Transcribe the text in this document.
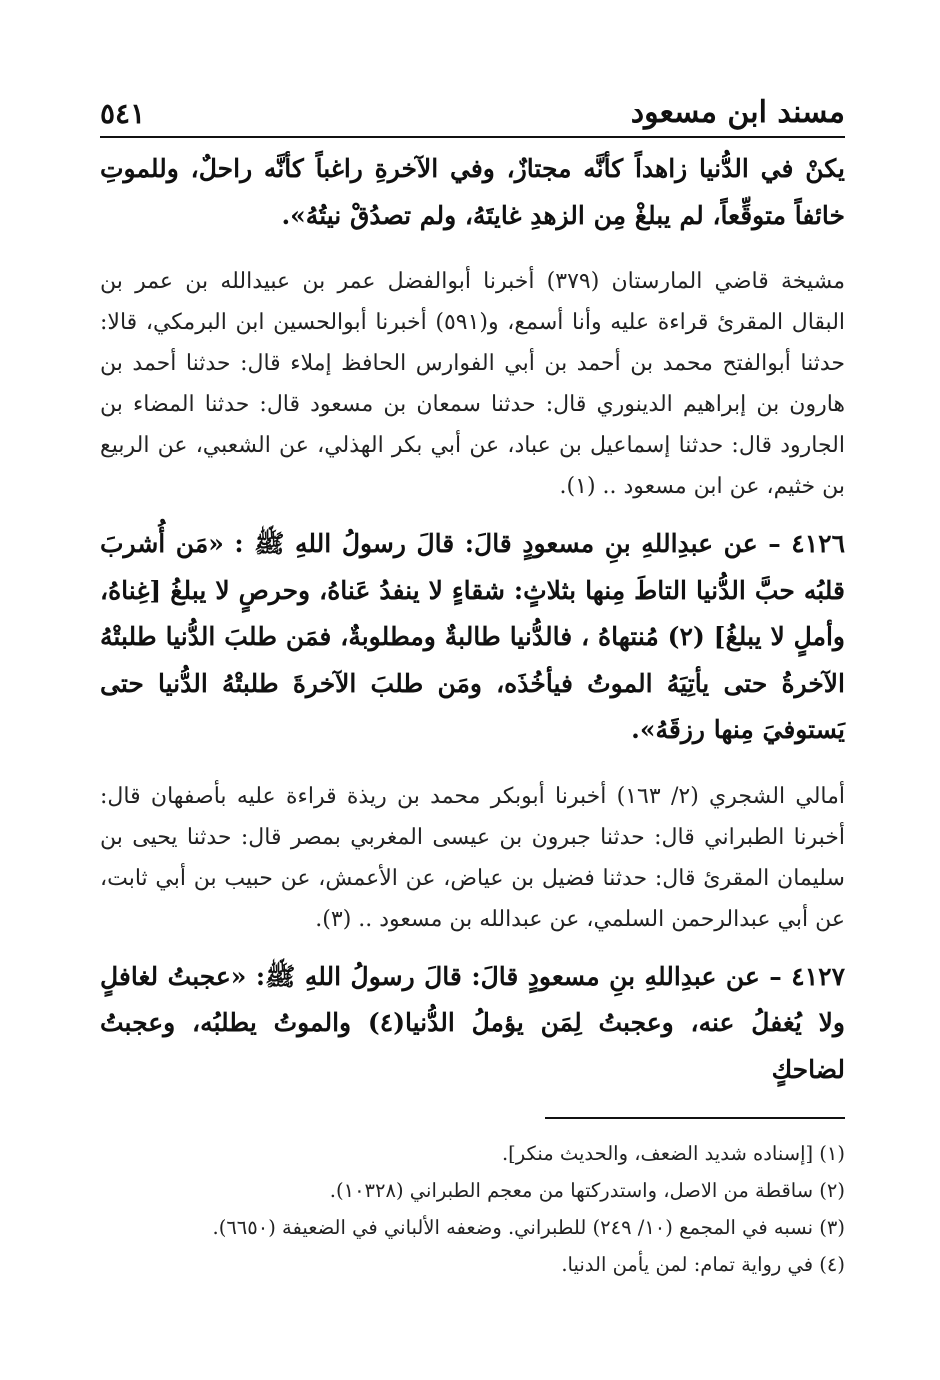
مسند ابن مسعود
٥٤١

يكنْ في الدُّنيا زاهداً كأنَّه مجتازٌ، وفي الآخرةِ راغباً كأنَّه راحلٌ، وللموتِ خائفاً متوقِّعاً، لم يبلغْ مِن الزهدِ غايتَهُ، ولم تصدُقْ نيتُهُ».

مشيخة قاضي المارستان (٣٧٩) أخبرنا أبوالفضل عمر بن عبيدالله بن عمر بن البقال المقرئ قراءة عليه وأنا أسمع، و(٥٩١) أخبرنا أبوالحسين ابن البرمكي، قالا: حدثنا أبوالفتح محمد بن أحمد بن أبي الفوارس الحافظ إملاء قال: حدثنا أحمد بن هارون بن إبراهيم الدينوري قال: حدثنا سمعان بن مسعود قال: حدثنا المضاء بن الجارود قال: حدثنا إسماعيل بن عباد، عن أبي بكر الهذلي، عن الشعبي، عن الربيع بن خثيم، عن ابن مسعود .. (١).

٤١٢٦ – عن عبدِاللهِ بنِ مسعودٍ قالَ: قالَ رسولُ اللهِ ﷺ : «مَن أُشربَ قلبُه حبَّ الدُّنيا التاطَ مِنها بثلاثٍ: شقاءٍ لا ينفدُ عَناهُ، وحرصٍ لا يبلغُ [غِناهُ، وأملٍ لا يبلغُ] (٢) مُنتهاهُ ، فالدُّنيا طالبةٌ ومطلوبةٌ، فمَن طلبَ الدُّنيا طلبتْهُ الآخرةُ حتى يأتِيَهُ الموتُ فيأخُذَه، ومَن طلبَ الآخرةَ طلبتْهُ الدُّنيا حتى يَستوفيَ مِنها رزقَهُ».

أمالي الشجري (٢/ ١٦٣) أخبرنا أبوبكر محمد بن ريذة قراءة عليه بأصفهان قال: أخبرنا الطبراني قال: حدثنا جبرون بن عيسى المغربي بمصر قال: حدثنا يحيى بن سليمان المقرئ قال: حدثنا فضيل بن عياض، عن الأعمش، عن حبيب بن أبي ثابت، عن أبي عبدالرحمن السلمي، عن عبدالله بن مسعود .. (٣).

٤١٢٧ – عن عبدِاللهِ بنِ مسعودٍ قالَ: قالَ رسولُ اللهِ ﷺ: «عجبتُ لغافلٍ ولا يُغفلُ عنه، وعجبتُ لِمَن يؤملُ الدُّنيا(٤) والموتُ يطلبُه، وعجبتُ لضاحكٍ

(١) [إسناده شديد الضعف، والحديث منكر].

(٢) ساقطة من الاصل، واستدركتها من معجم الطبراني (١٠٣٢٨).

(٣) نسبه في المجمع (١٠/ ٢٤٩) للطبراني. وضعفه الألباني في الضعيفة (٦٦٥٠).

(٤) في رواية تمام: لمن يأمن الدنيا.
